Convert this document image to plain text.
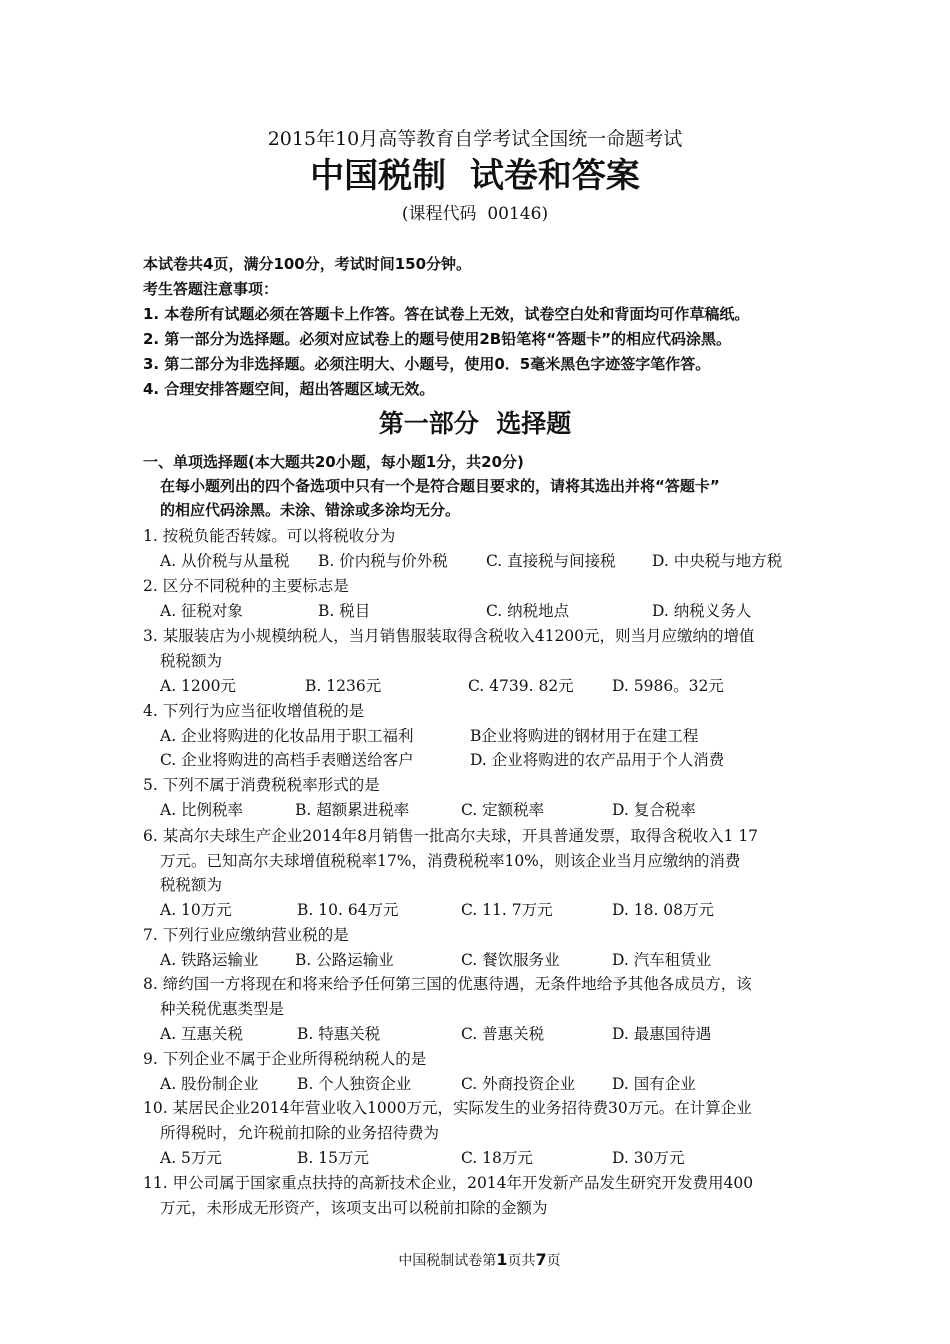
2015年10月高等教育自学考试全国统一命题考试
中国税制  试卷和答案
(课程代码  00146)
本试卷共4页，满分100分，考试时间150分钟。
考生答题注意事项：
1. 本卷所有试题必须在答题卡上作答。答在试卷上无效，试卷空白处和背面均可作草稿纸。
2. 第一部分为选择题。必须对应试卷上的题号使用2B铅笔将“答题卡”的相应代码涂黑。
3. 第二部分为非选择题。必须注明大、小题号，使用0．5毫米黑色字迹签字笔作答。
4. 合理安排答题空间，超出答题区域无效。
第一部分  选择题
一、单项选择题(本大题共20小题，每小题1分，共20分)
在每小题列出的四个备选项中只有一个是符合题目要求的，请将其选出并将“答题卡”
的相应代码涂黑。未涂、错涂或多涂均无分。
1. 按税负能否转嫁。可以将税收分为
A. 从价税与从量税 B. 价内税与价外税 C. 直接税与间接税 D. 中央税与地方税
2. 区分不同税种的主要标志是
A. 征税对象	B. 税目	C. 纳税地点	D. 纳税义务人
3. 某服装店为小规模纳税人，当月销售服装取得含税收入41200元，则当月应缴纳的增值
税税额为
A. 1200元	B. 1236元	C. 4739. 82元 D. 5986。32元
4. 下列行为应当征收增值税的是
A. 企业将购进的化妆品用于职工福利	B企业将购进的钢材用于在建工程
C. 企业将购进的高档手表赠送给客户	D. 企业将购进的农产品用于个人消费
5. 下列不属于消费税税率形式的是
A. 比例税率	B. 超额累进税率	C. 定额税率	D. 复合税率
6. 某高尔夫球生产企业2014年8月销售一批高尔夫球，开具普通发票，取得含税收入1 17
万元。已知高尔夫球增值税税率17%，消费税税率10%，则该企业当月应缴纳的消费
税税额为
A. 10万元	B. 10. 64万元	C. 11. 7万元	D. 18. 08万元
7. 下列行业应缴纳营业税的是
A. 铁路运输业 B. 公路运输业	C. 餐饮服务业	D. 汽车租赁业
8. 缔约国一方将现在和将来给予任何第三国的优惠待遇，无条件地给予其他各成员方，该
种关税优惠类型是
A. 互惠关税	B. 特惠关税	C. 普惠关税	D. 最惠国待遇
9. 下列企业不属于企业所得税纳税人的是
A. 股份制企业 B. 个人独资企业	C. 外商投资企业 D. 国有企业
10. 某居民企业2014年营业收入1000万元，实际发生的业务招待费30万元。在计算企业
所得税时，允许税前扣除的业务招待费为
A. 5万元	B. 15万元	C. 18万元	D. 30万元
11. 甲公司属于国家重点扶持的高新技术企业，2014年开发新产品发生研究开发费用400
万元，未形成无形资产，该项支出可以税前扣除的金额为

中国税制试卷第1页共7页
